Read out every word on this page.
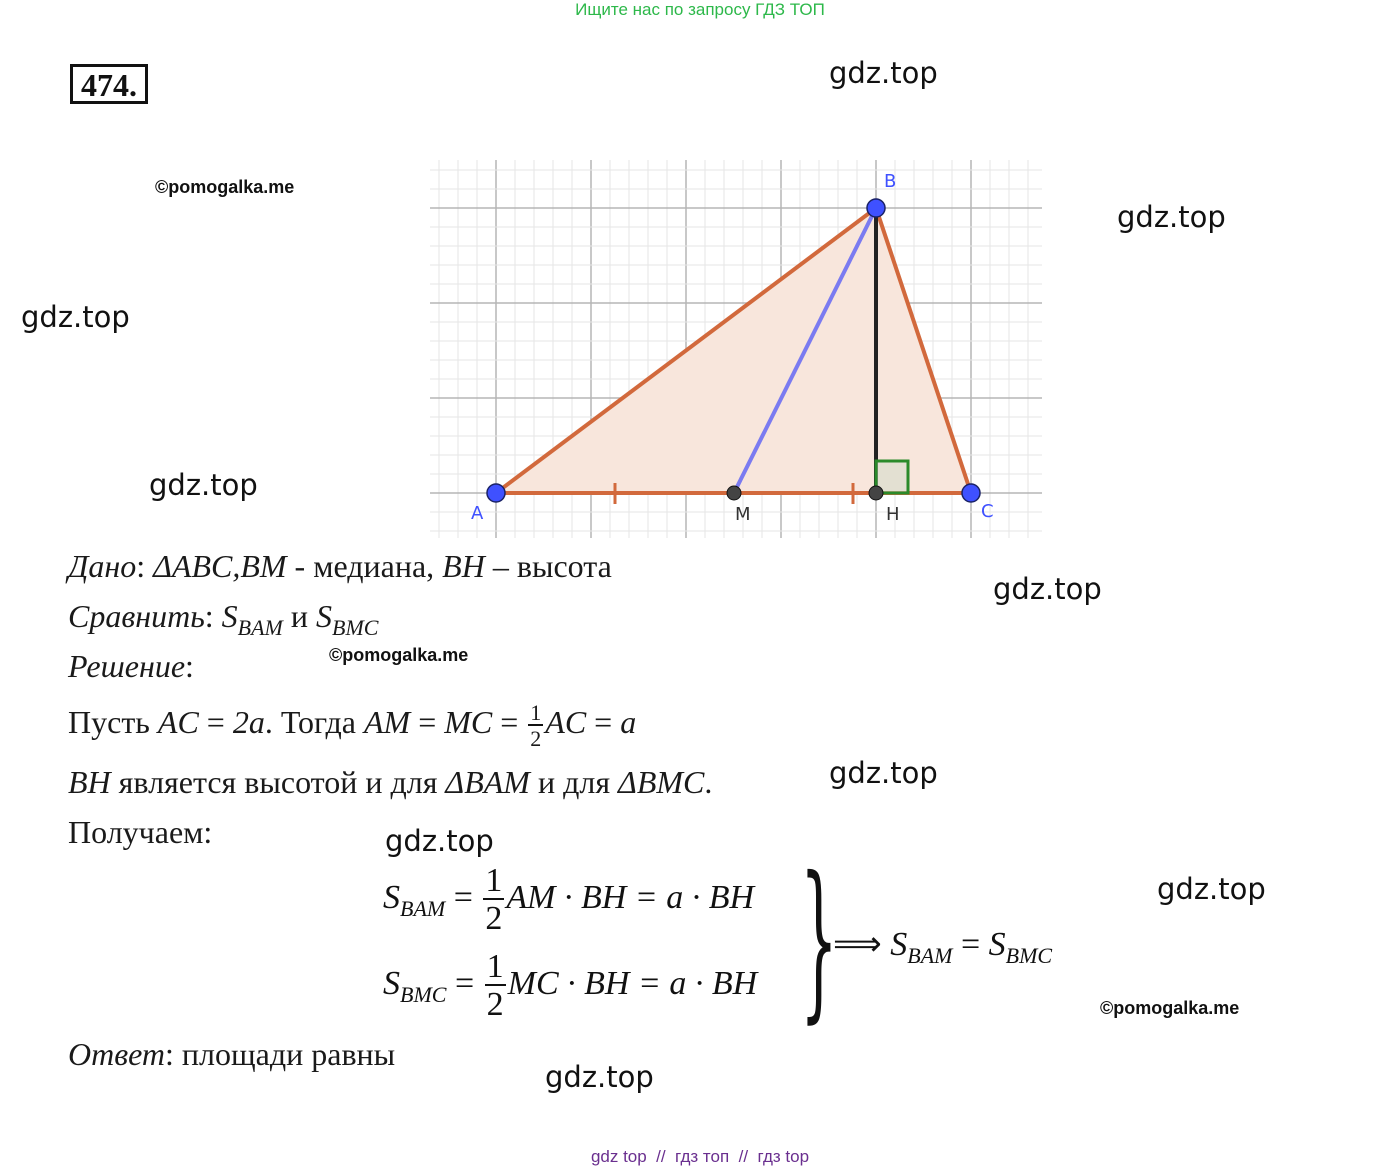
Ищите нас по запросу ГДЗ ТОП
474.	gdz.top
gdz.top
gdz.top
gdz.top
gdz.top
gdz.top
gdz.top
gdz.top
gdz.top
©pomogalka.me
©pomogalka.me
©pomogalka.me
A
B
C
M	H
Дано: ΔABC,BM - медиана, BH – высота
Сравнить: $S_{BAM}$ и $S_{BMC}$
Решение:
Пусть AC = 2a. Тогда AM = MC = $\frac{1}{2}$ AC = a
BH является высотой и для ΔBAM и для ΔBMC.
Получаем:
$S_{BAM} = \frac{1}{2}$ AM · BH = a · BH
$S_{BMC} = \frac{1}{2}$ MC · BH = a · BH }
⟹ $S_{BAM} = S_{BMC}$
Ответ: площади равны
gdz top  //  гдз топ  //  гдз top
